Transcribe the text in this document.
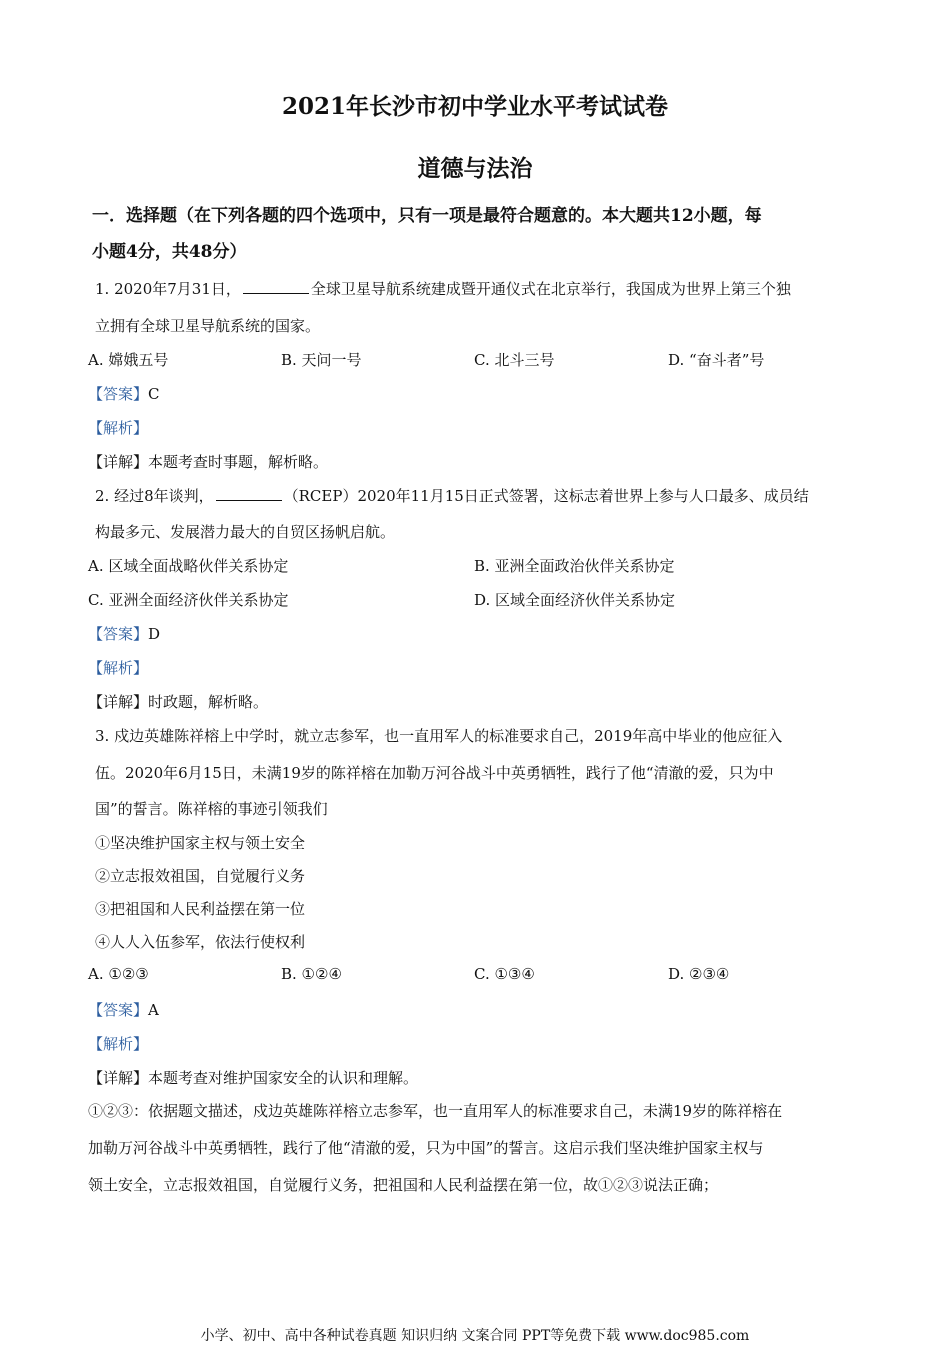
2021年长沙市初中学业水平考试试卷
道德与法治
一．选择题（在下列各题的四个选项中，只有一项是最符合题意的。本大题共12小题，每
小题4分，共48分）
1. 2020年7月31日，	全球卫星导航系统建成暨开通仪式在北京举行，我国成为世界上第三个独
立拥有全球卫星导航系统的国家。
A. 嫦娥五号	B. 天问一号	C. 北斗三号	D. “奋斗者”号
【答案】C
【解析】
【详解】本题考查时事题，解析略。
2. 经过8年谈判，	（RCEP）2020年11月15日正式签署，这标志着世界上参与人口最多、成员结
构最多元、发展潜力最大的自贸区扬帆启航。
A. 区域全面战略伙伴关系协定	B. 亚洲全面政治伙伴关系协定
C. 亚洲全面经济伙伴关系协定	D. 区域全面经济伙伴关系协定
【答案】D
【解析】
【详解】时政题，解析略。
3. 戍边英雄陈祥榕上中学时，就立志参军，也一直用军人的标准要求自己，2019年高中毕业的他应征入
伍。2020年6月15日，未满19岁的陈祥榕在加勒万河谷战斗中英勇牺牲，践行了他“清澈的爱，只为中
国”的誓言。陈祥榕的事迹引领我们
①坚决维护国家主权与领土安全
②立志报效祖国，自觉履行义务
③把祖国和人民利益摆在第一位
④人人入伍参军，依法行使权利
A. ①②③	B. ①②④	C. ①③④	D. ②③④
【答案】A
【解析】
【详解】本题考查对维护国家安全的认识和理解。
①②③：依据题文描述，戍边英雄陈祥榕立志参军，也一直用军人的标准要求自己，未满19岁的陈祥榕在
加勒万河谷战斗中英勇牺牲，践行了他“清澈的爱，只为中国”的誓言。这启示我们坚决维护国家主权与
领土安全，立志报效祖国，自觉履行义务，把祖国和人民利益摆在第一位，故①②③说法正确；
小学、初中、高中各种试卷真题 知识归纳 文案合同 PPT等免费下载 www.doc985.com
